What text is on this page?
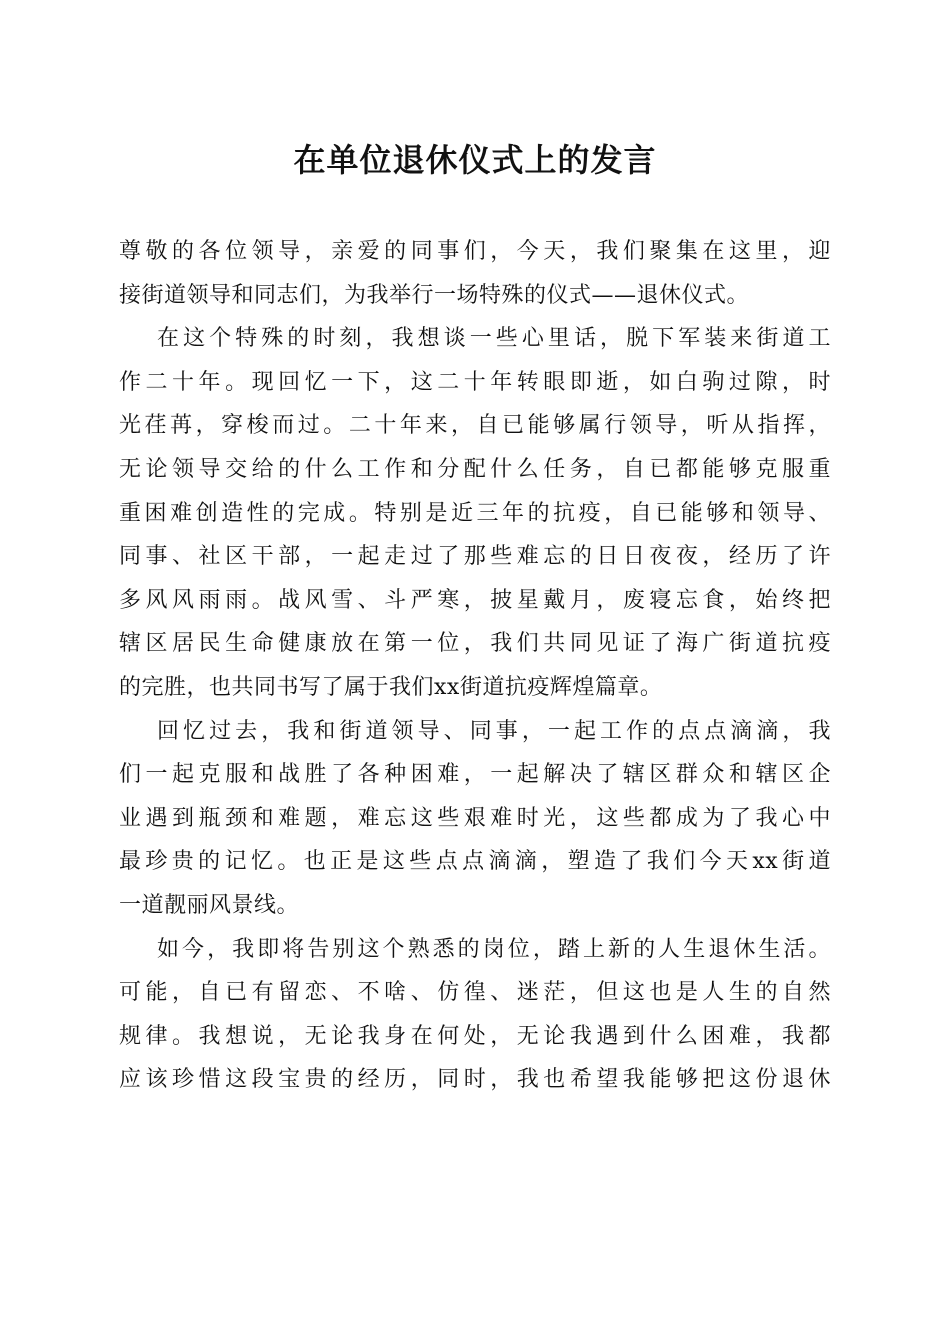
在单位退休仪式上的发言
尊敬的各位领导，亲爱的同事们，今天，我们聚集在这里，迎
接街道领导和同志们，为我举行一场特殊的仪式——退休仪式。
在这个特殊的时刻，我想谈一些心里话，脱下军装来街道工
作二十年。现回忆一下，这二十年转眼即逝，如白驹过隙，时
光荏苒，穿梭而过。二十年来，自已能够属行领导，听从指挥，
无论领导交给的什么工作和分配什么任务，自已都能够克服重
重困难创造性的完成。特别是近三年的抗疫，自已能够和领导、
同事、社区干部，一起走过了那些难忘的日日夜夜，经历了许
多风风雨雨。战风雪、斗严寒，披星戴月，废寝忘食，始终把
辖区居民生命健康放在第一位，我们共同见证了海广街道抗疫
的完胜，也共同书写了属于我们xx街道抗疫辉煌篇章。
回忆过去，我和街道领导、同事，一起工作的点点滴滴，我
们一起克服和战胜了各种困难，一起解决了辖区群众和辖区企
业遇到瓶颈和难题，难忘这些艰难时光，这些都成为了我心中
最珍贵的记忆。也正是这些点点滴滴，塑造了我们今天xx街道
一道靓丽风景线。
如今，我即将告别这个熟悉的岗位，踏上新的人生退休生活。
可能，自已有留恋、不啥、仿徨、迷茫，但这也是人生的自然
规律。我想说，无论我身在何处，无论我遇到什么困难，我都
应该珍惜这段宝贵的经历，同时，我也希望我能够把这份退休
